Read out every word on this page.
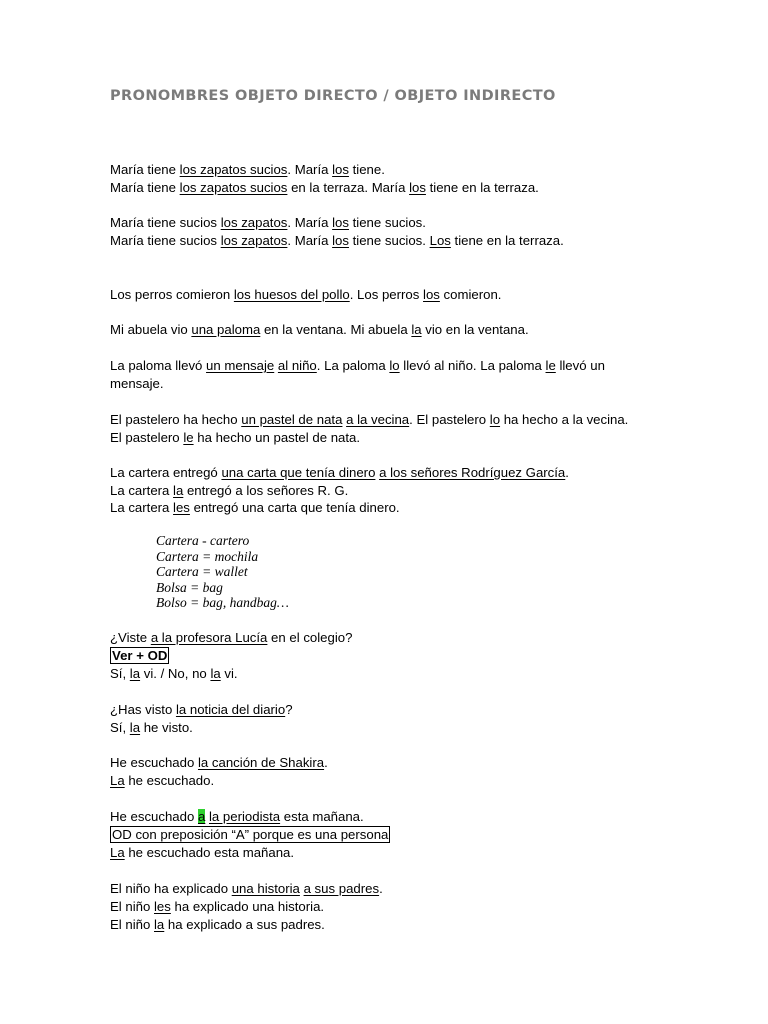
PRONOMBRES OBJETO DIRECTO / OBJETO INDIRECTO
María tiene los zapatos sucios. María los tiene.
María tiene los zapatos sucios en la terraza. María los tiene en la terraza.
María tiene sucios los zapatos. María los tiene sucios.
María tiene sucios los zapatos. María los tiene sucios. Los tiene en la terraza.
Los perros comieron los huesos del pollo. Los perros los comieron.
Mi abuela vio una paloma en la ventana. Mi abuela la vio en la ventana.
La paloma llevó un mensaje al niño. La paloma lo llevó al niño. La paloma le llevó un
mensaje.
El pastelero ha hecho un pastel de nata a la vecina. El pastelero lo ha hecho a la vecina.
El pastelero le ha hecho un pastel de nata.
La cartera entregó una carta que tenía dinero a los señores Rodríguez García.
La cartera la entregó a los señores R. G.
La cartera les entregó una carta que tenía dinero.
Cartera - cartero
Cartera = mochila
Cartera = wallet
Bolsa = bag
Bolso = bag, handbag…
¿Viste a la profesora Lucía en el colegio?
Ver + OD
Sí, la vi. / No, no la vi.
¿Has visto la noticia del diario?
Sí, la he visto.
He escuchado la canción de Shakira.
La he escuchado.
He escuchado a la periodista esta mañana.
OD con preposición “A” porque es una persona
La he escuchado esta mañana.
El niño ha explicado una historia a sus padres.
El niño les ha explicado una historia.
El niño la ha explicado a sus padres.
